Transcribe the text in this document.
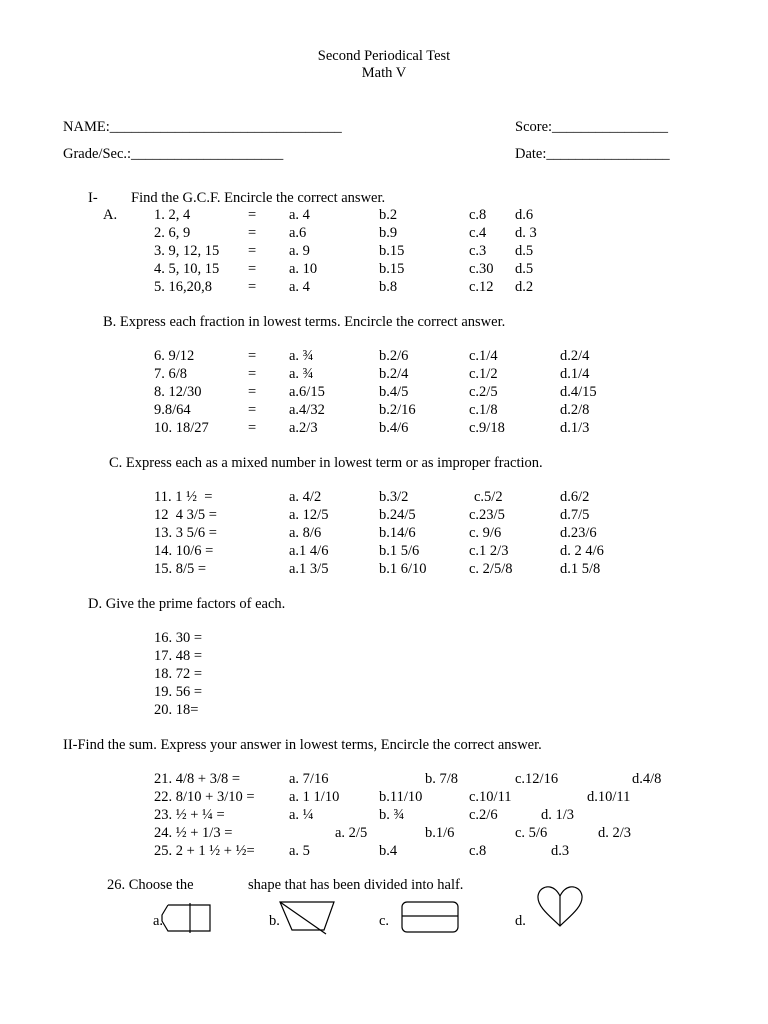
Second Periodical Test
Math V
NAME:________________________________	Score:________________
Grade/Sec.:_____________________	Date:_________________
I- Find the G.C.F. Encircle the correct answer.
A.	1. 2, 4	= a. 4	b.2	c.8 d.6
2. 6, 9	= a.6	b.9	c.4 d. 3
3. 9, 12, 15 = a. 9	b.15	c.3 d.5
4. 5, 10, 15 = a. 10	b.15	c.30 d.5
5. 16,20,8 = a. 4	b.8	c.12 d.2
B. Express each fraction in lowest terms. Encircle the correct answer.
6. 9/12	= a. ¾	b.2/6	c.1/4	d.2/4
7. 6/8	= a. ¾	b.2/4	c.1/2	d.1/4
8. 12/30	= a.6/15	b.4/5	c.2/5	d.4/15
9.8/64	= a.4/32	b.2/16	c.1/8	d.2/8
10. 18/27	= a.2/3	b.4/6	c.9/18	d.1/3
C. Express each as a mixed number in lowest term or as improper fraction.
11. 1 ½  =	a. 4/2	b.3/2	c.5/2	d.6/2
12  4 3/5 =	a. 12/5	b.24/5	c.23/5	d.7/5
13. 3 5/6 =	a. 8/6	b.14/6	c. 9/6	d.23/6
14. 10/6 =	a.1 4/6	b.1 5/6	c.1 2/3	d. 2 4/6
15. 8/5 =	a.1 3/5	b.1 6/10	c. 2/5/8	d.1 5/8
D. Give the prime factors of each.
16. 30 =
17. 48 =
18. 72 =
19. 56 =
20. 18=
II-Find the sum. Express your answer in lowest terms, Encircle the correct answer.
21. 4/8 + 3/8 =	a. 7/16	b. 7/8	c.12/16	d.4/8
22. 8/10 + 3/10 = a. 1 1/10	b.11/10	c.10/11	d.10/11
23. ½ + ¼ =	a. ¼	b. ¾	c.2/6	d. 1/3
24. ½ + 1/3 =	a. 2/5	b.1/6	c. 5/6	d. 2/3
25. 2 + 1 ½ + ½= a. 5	b.4	c.8	d.3
26. Choose the	shape that has been divided into half.
a.	b.	c.	d.
